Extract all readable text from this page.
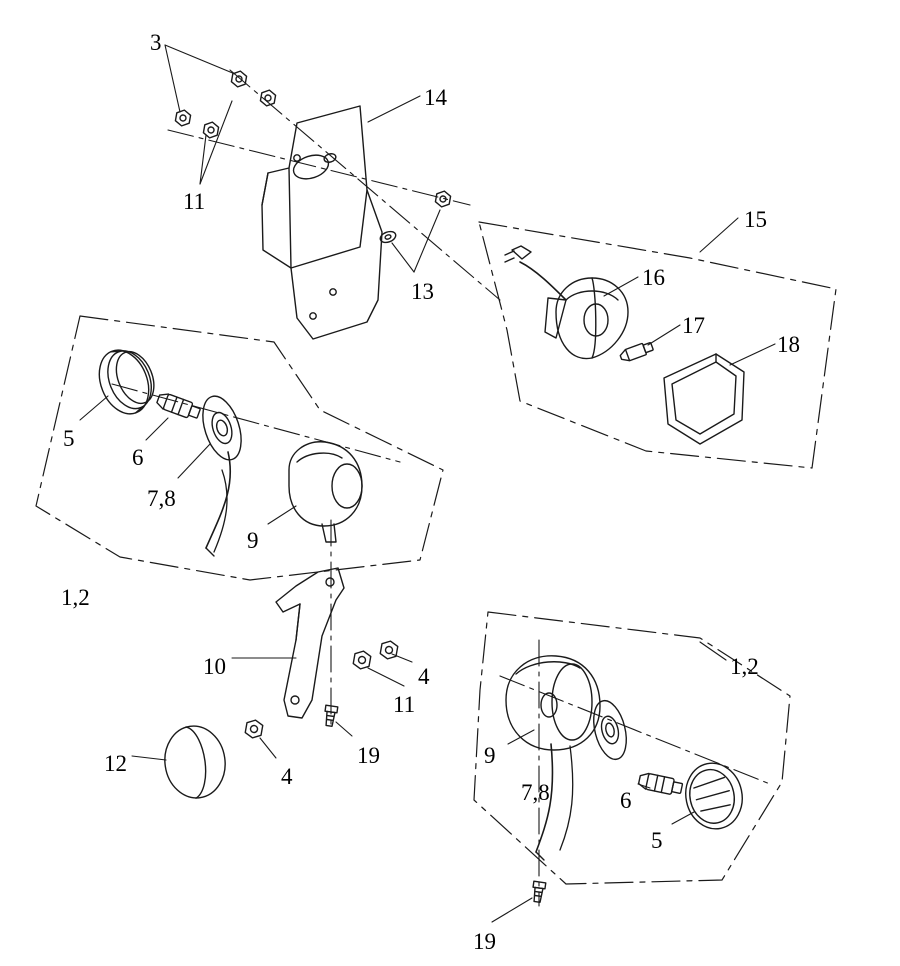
3
14
11
15
16
13
17
18
5
6
7,8
9
1,2
10	4	1,2
11
9
12	19
4
6
7,8
5
19
